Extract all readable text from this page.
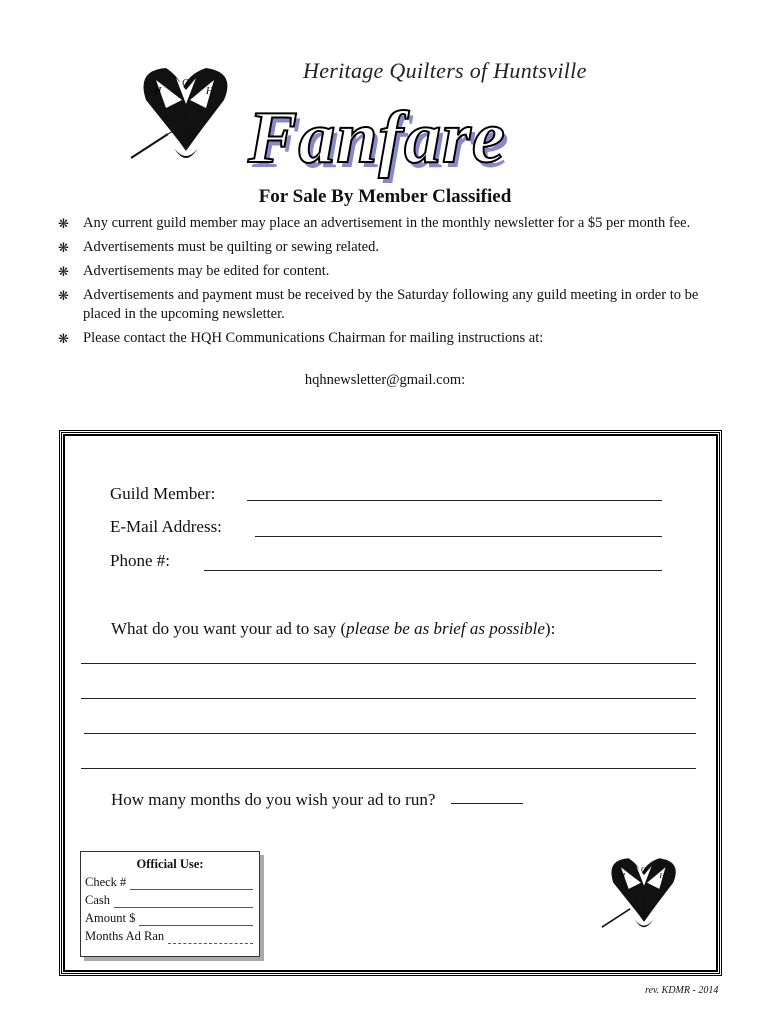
H
Q
H
Heritage Quilters of Huntsville
Fanfare
For Sale By Member Classified
❋ Any current guild member may place an advertisement in the monthly newsletter for a $5 per month fee.
❋ Advertisements must be quilting or sewing related.
❋ Advertisements may be edited for content.
❋ Advertisements and payment must be received by the Saturday following any guild meeting in order to be placed in the upcoming newsletter.
❋ Please contact the HQH Communications Chairman for mailing instructions at:
hqhnewsletter@gmail.com:
Guild Member:
E-Mail Address:
Phone #:
What do you want your ad to say (please be as brief as possible):
How many months do you wish your ad to run?
Official Use:
Check #
Cash
Amount $
Months Ad Ran
H
Q
H
rev. KDMR - 2014
